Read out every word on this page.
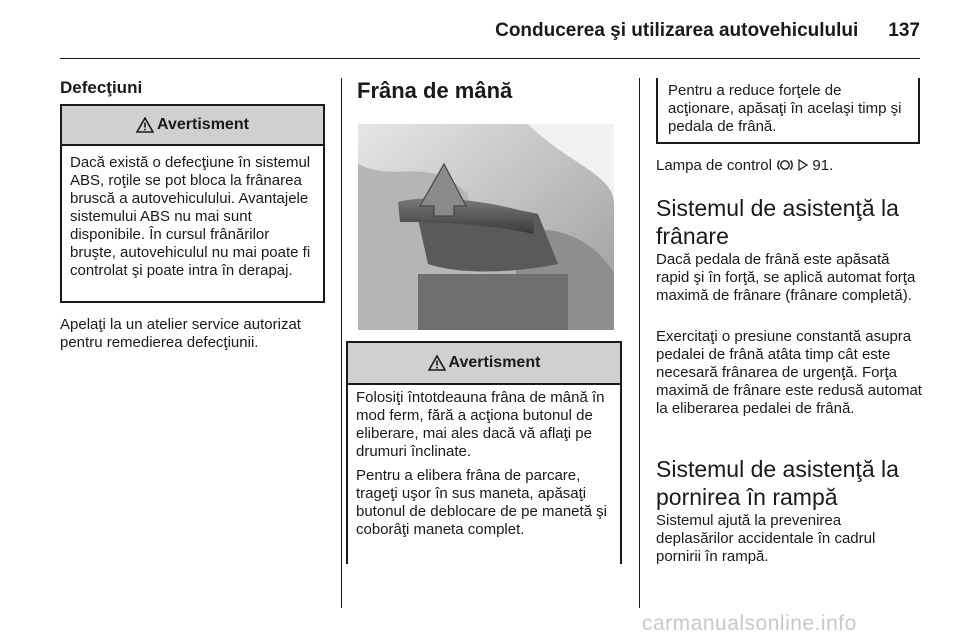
Conducerea şi utilizarea autovehiculului 137
Defecţiuni
Avertisment

Dacă există o defecţiune în sistemul ABS, roţile se pot bloca la frânarea bruscă a autovehiculului. Avantajele sistemului ABS nu mai sunt disponibile. În cursul frânărilor bruşte, autovehiculul nu mai poate fi controlat şi poate intra în derapaj.

Apelaţi la un atelier service autorizat pentru remedierea defecţiunii.

Frâna de mână
Avertisment

Folosiţi întotdeauna frâna de mână în mod ferm, fără a acţiona butonul de eliberare, mai ales dacă vă aflaţi pe drumuri înclinate.

Pentru a elibera frâna de parcare, trageţi uşor în sus maneta, apăsaţi butonul de deblocare de pe manetă şi coborâţi maneta complet.

Pentru a reduce forţele de acţionare, apăsaţi în acelaşi timp şi pedala de frână.
Lampa de control	91.
Sistemul de asistenţă la frânare

Dacă pedala de frână este apăsată rapid şi în forţă, se aplică automat forţa maximă de frânare (frânare completă).

Exercitaţi o presiune constantă asupra pedalei de frână atâta timp cât este necesară frânarea de urgenţă. Forţa maximă de frânare este redusă automat la eliberarea pedalei de frână.

Sistemul de asistenţă la pornirea în rampă

Sistemul ajută la prevenirea deplasărilor accidentale în cadrul pornirii în rampă.

carmanualsonline.info
